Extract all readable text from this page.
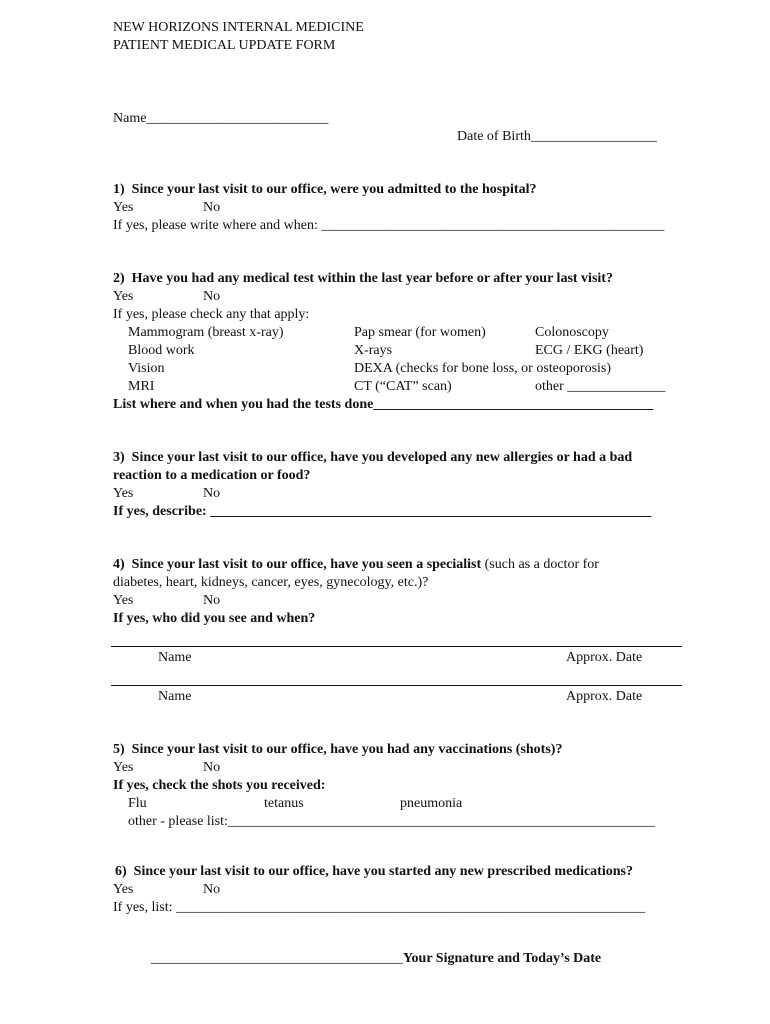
NEW HORIZONS INTERNAL MEDICINE
PATIENT MEDICAL UPDATE FORM
Name__________________________
Date of Birth__________________
1)  Since your last visit to our office, were you admitted to the hospital?
Yes	No
If yes, please write where and when: _________________________________________________
2)  Have you had any medical test within the last year before or after your last visit?
Yes	No
If yes, please check any that apply:
Mammogram (breast x-ray)	Pap smear (for women)	Colonoscopy
Blood work	X-rays	ECG / EKG (heart)
Vision	DEXA (checks for bone loss, or osteoporosis)
MRI	CT (“CAT” scan)	other ______________
List where and when you had the tests done________________________________________
3)  Since your last visit to our office, have you developed any new allergies or had a bad
reaction to a medication or food?
Yes	No
If yes, describe: _______________________________________________________________
4)  Since your last visit to our office, have you seen a specialist (such as a doctor for
diabetes, heart, kidneys, cancer, eyes, gynecology, etc.)?
Yes	No
If yes, who did you see and when?
Name	Approx. Date
Name	Approx. Date
5)  Since your last visit to our office, have you had any vaccinations (shots)?
Yes	No
If yes, check the shots you received:
Flu	tetanus	pneumonia
other - please list:_____________________________________________________________
6)  Since your last visit to our office, have you started any new prescribed medications?
Yes	No
If yes, list: ___________________________________________________________________
____________________________________Your Signature and Today’s Date
